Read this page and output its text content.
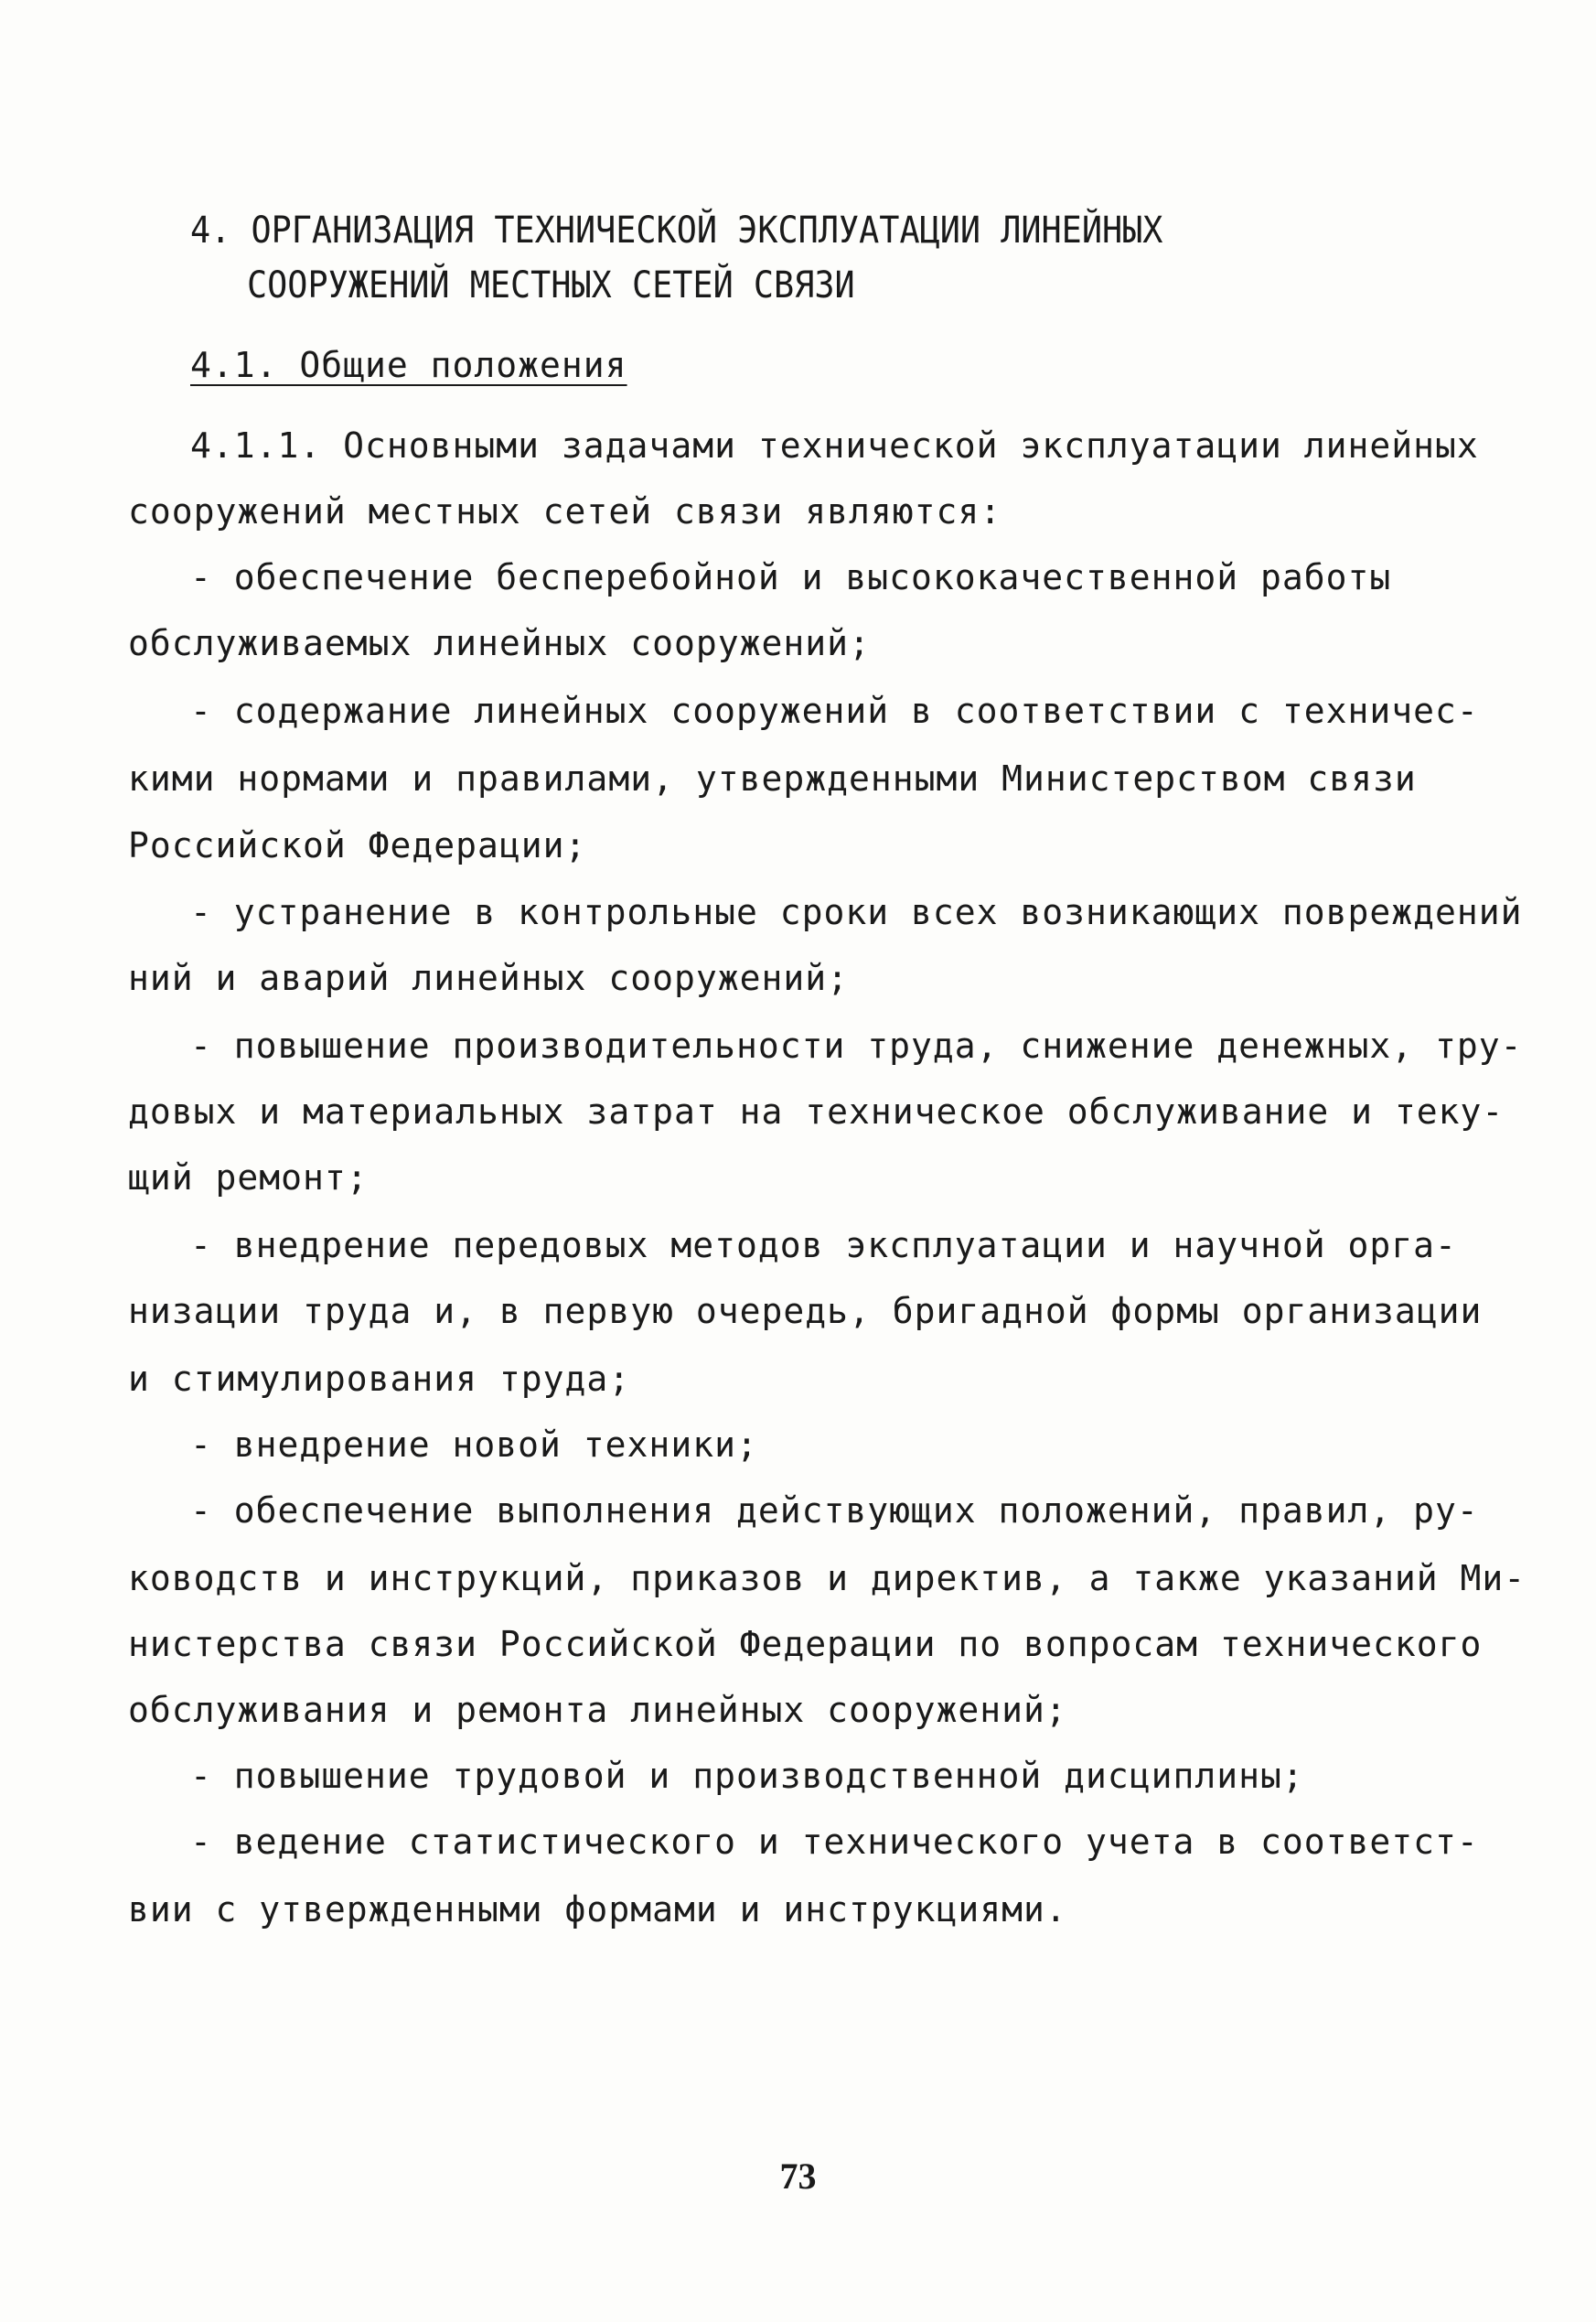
4. ОРГАНИЗАЦИЯ ТЕХНИЧЕСКОЙ ЭКСПЛУАТАЦИИ ЛИНЕЙНЫХ
СООРУЖЕНИЙ МЕСТНЫХ СЕТЕЙ СВЯЗИ
4.1. Общие положения
4.1.1. Основными задачами технической эксплуатации линейных
сооружений местных сетей связи являются:
- обеспечение бесперебойной и высококачественной работы
обслуживаемых линейных сооружений;
- содержание линейных сооружений в соответствии с техничес-
кими нормами и правилами, утвержденными Министерством связи
Российской Федерации;
- устранение в контрольные сроки всех возникающих повреждений
ний и аварий линейных сооружений;
- повышение производительности труда, снижение денежных, тру-
довых и материальных затрат на техническое обслуживание и теку-
щий ремонт;
- внедрение передовых методов эксплуатации и научной орга-
низации труда и, в первую очередь, бригадной формы организации
и стимулирования труда;
- внедрение новой техники;
- обеспечение выполнения действующих положений, правил, ру-
ководств и инструкций, приказов и директив, а также указаний Ми-
нистерства связи Российской Федерации по вопросам технического
обслуживания и ремонта линейных сооружений;
- повышение трудовой и производственной дисциплины;
- ведение статистического и технического учета в соответст-
вии с утвержденными формами и инструкциями.
73
